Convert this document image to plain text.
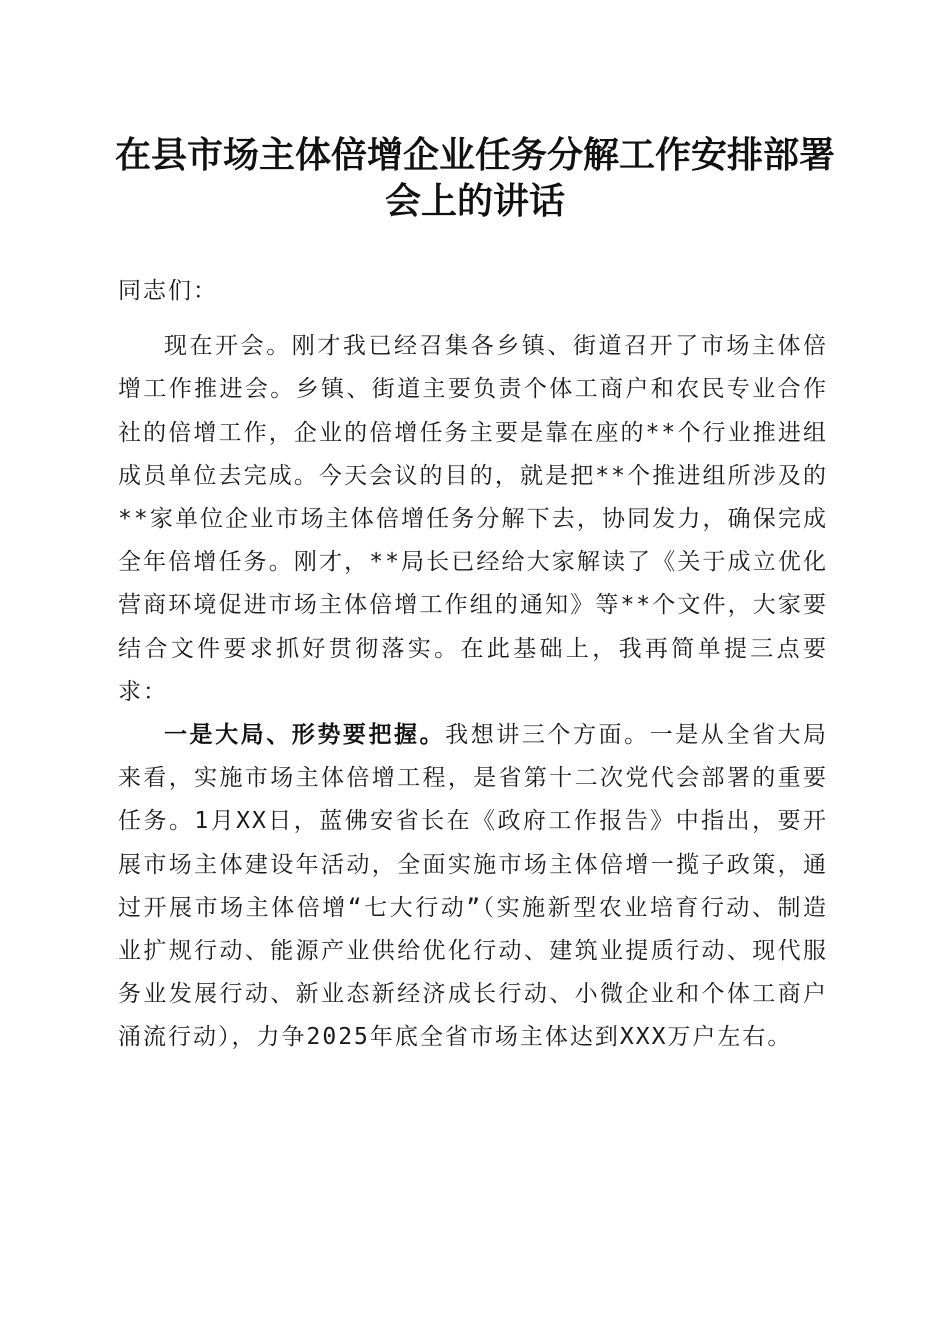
在县市场主体倍增企业任务分解工作安排部署
会上的讲话

同志们：

现在开会。刚才我已经召集各乡镇、街道召开了市场主体倍增工作推进会。乡镇、街道主要负责个体工商户和农民专业合作社的倍增工作，企业的倍增任务主要是靠在座的**个行业推进组成员单位去完成。今天会议的目的，就是把**个推进组所涉及的**家单位企业市场主体倍增任务分解下去，协同发力，确保完成全年倍增任务。刚才，**局长已经给大家解读了《关于成立优化营商环境促进市场主体倍增工作组的通知》等**个文件，大家要结合文件要求抓好贯彻落实。在此基础上，我再简单提三点要求：

一是大局、形势要把握。我想讲三个方面。一是从全省大局来看，实施市场主体倍增工程，是省第十二次党代会部署的重要任务。1月XX日，蓝佛安省长在《政府工作报告》中指出，要开展市场主体建设年活动，全面实施市场主体倍增一揽子政策，通过开展市场主体倍增“七大行动”（实施新型农业培育行动、制造业扩规行动、能源产业供给优化行动、建筑业提质行动、现代服务业发展行动、新业态新经济成长行动、小微企业和个体工商户涌流行动），力争2025年底全省市场主体达到XXX万户左右。
